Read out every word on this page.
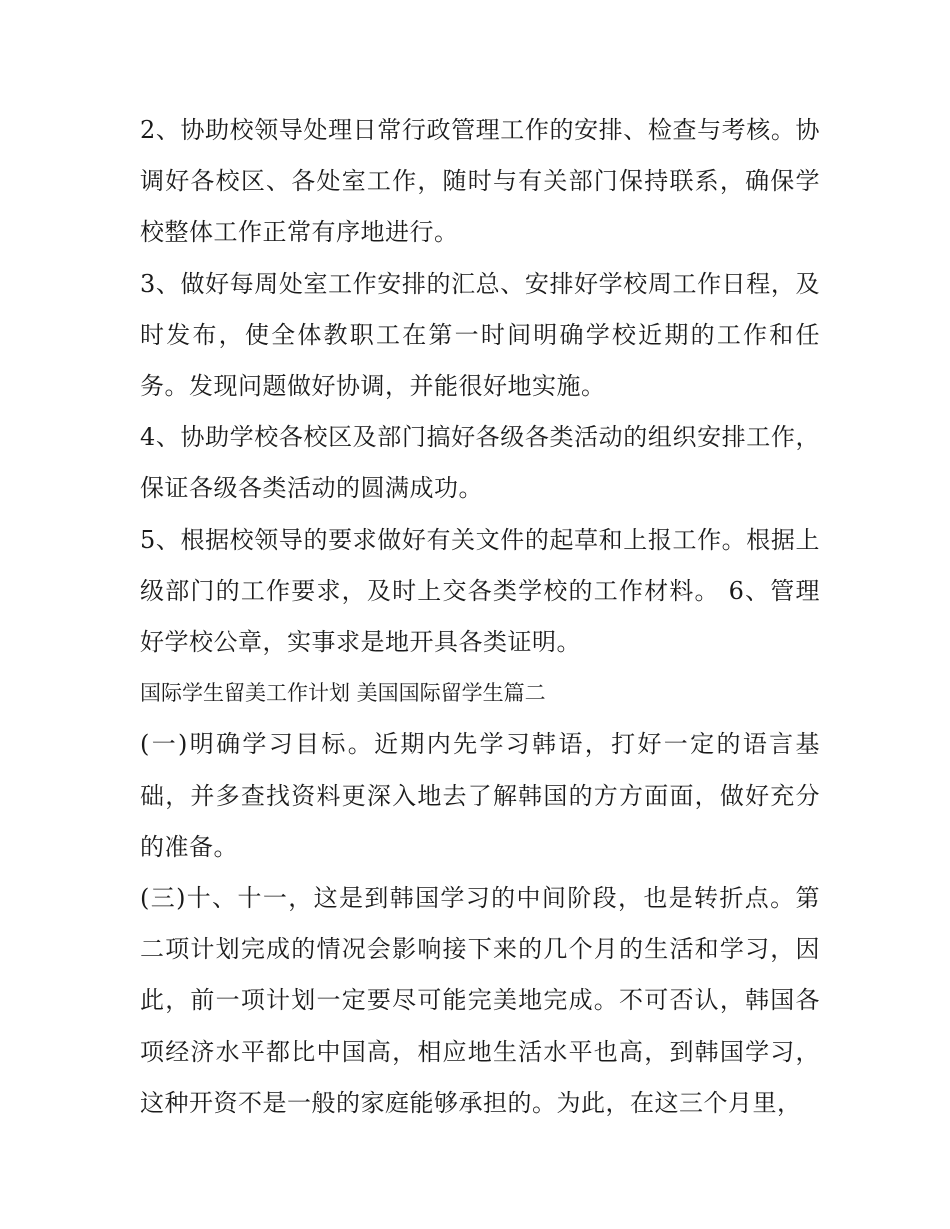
2、协助校领导处理日常行政管理工作的安排、检查与考核。协调好各校区、各处室工作，随时与有关部门保持联系，确保学校整体工作正常有序地进行。

3、做好每周处室工作安排的汇总、安排好学校周工作日程，及时发布，使全体教职工在第一时间明确学校近期的工作和任务。发现问题做好协调，并能很好地实施。

4、协助学校各校区及部门搞好各级各类活动的组织安排工作，保证各级各类活动的圆满成功。

5、根据校领导的要求做好有关文件的起草和上报工作。根据上级部门的工作要求，及时上交各类学校的工作材料。 6、管理好学校公章，实事求是地开具各类证明。

国际学生留美工作计划 美国国际留学生篇二

(一)明确学习目标。近期内先学习韩语，打好一定的语言基础，并多查找资料更深入地去了解韩国的方方面面，做好充分的准备。

(三)十、十一，这是到韩国学习的中间阶段，也是转折点。第二项计划完成的情况会影响接下来的几个月的生活和学习，因此，前一项计划一定要尽可能完美地完成。不可否认，韩国各项经济水平都比中国高，相应地生活水平也高，到韩国学习，这种开资不是一般的家庭能够承担的。为此，在这三个月里，
